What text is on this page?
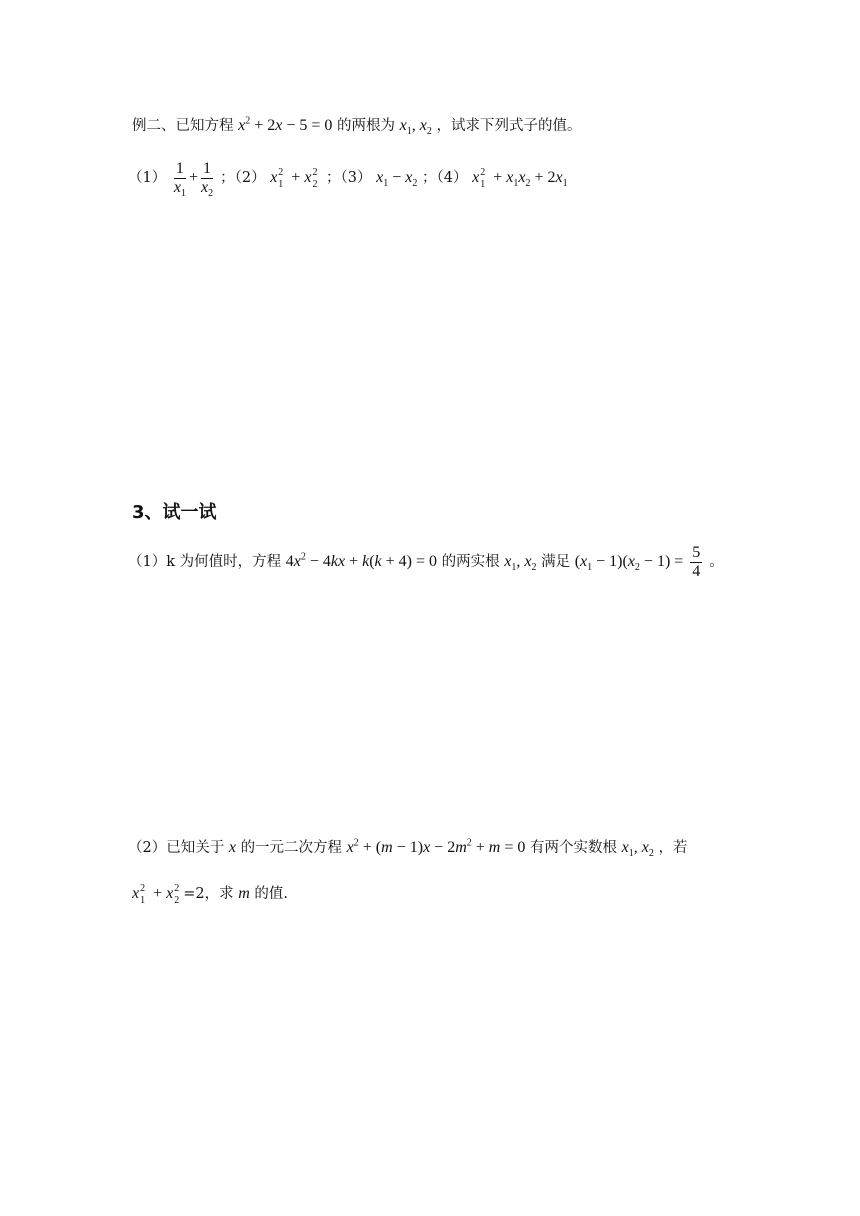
例二、已知方程 $x^2 + 2x - 5 = 0$ 的两根为 $x_1$, $x_2$ ，试求下列式子的值。
$(1) \frac{1}{x_1} + \frac{1}{x_2}$ ；（2） x 2
1 + x 2
2 ；（3） $x_1 - x_2$ ；（4） x 2
$1 + x_1x_2 + 2x_1$
3、试一试
（1）k 为何值时，方程 $4x^2 - 4kx + k(k + 4) = 0$ 的两实根 $x_1$, $x_2$ 满足 $(x_1 - 1)(x_2 - 1) = \frac{5}{4}$ 。
（2）已知关于 x 的一元二次方程 $x^2 + (m - 1)x - 2m^2 + m = 0$ 有两个实数根 $x_1$, $x_2$ ，若
x 2
1 + x 2
2 =2，求 m 的值.
